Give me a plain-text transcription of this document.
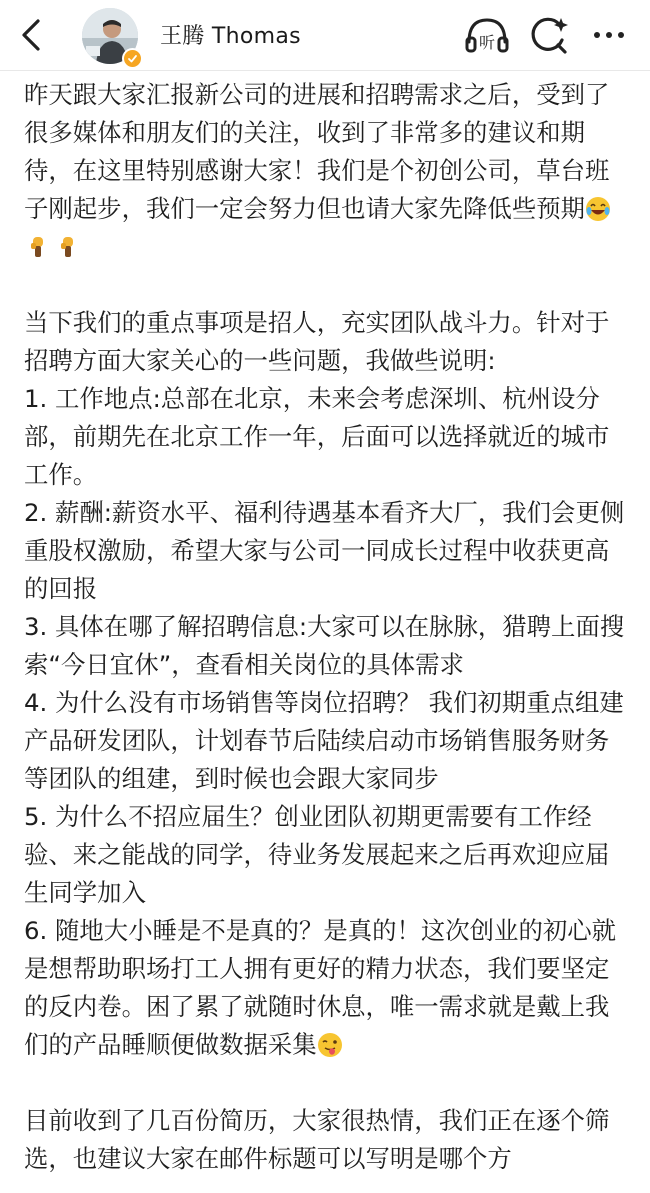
王腾 Thomas	听

昨天跟大家汇报新公司的进展和招聘需求之后，受到了很多媒体和朋友们的关注，收到了非常多的建议和期待，在这里特别感谢大家！我们是个初创公司，草台班子刚起步，我们一定会努力但也请大家先降低些预期

当下我们的重点事项是招人，充实团队战斗力。针对于招聘方面大家关心的一些问题，我做些说明:

1. 工作地点:总部在北京，未来会考虑深圳、杭州设分部，前期先在北京工作一年，后面可以选择就近的城市工作。

2. 薪酬:薪资水平、福利待遇基本看齐大厂，我们会更侧重股权激励，希望大家与公司一同成长过程中收获更高的回报

3. 具体在哪了解招聘信息:大家可以在脉脉，猎聘上面搜索“今日宜休”，查看相关岗位的具体需求

4. 为什么没有市场销售等岗位招聘？ 我们初期重点组建产品研发团队，计划春节后陆续启动市场销售服务财务等团队的组建，到时候也会跟大家同步

5. 为什么不招应届生？创业团队初期更需要有工作经验、来之能战的同学，待业务发展起来之后再欢迎应届生同学加入

6. 随地大小睡是不是真的？是真的！这次创业的初心就是想帮助职场打工人拥有更好的精力状态，我们要坚定的反内卷。困了累了就随时休息，唯一需求就是戴上我们的产品睡顺便做数据采集

目前收到了几百份简历，大家很热情，我们正在逐个筛选，也建议大家在邮件标题可以写明是哪个方
